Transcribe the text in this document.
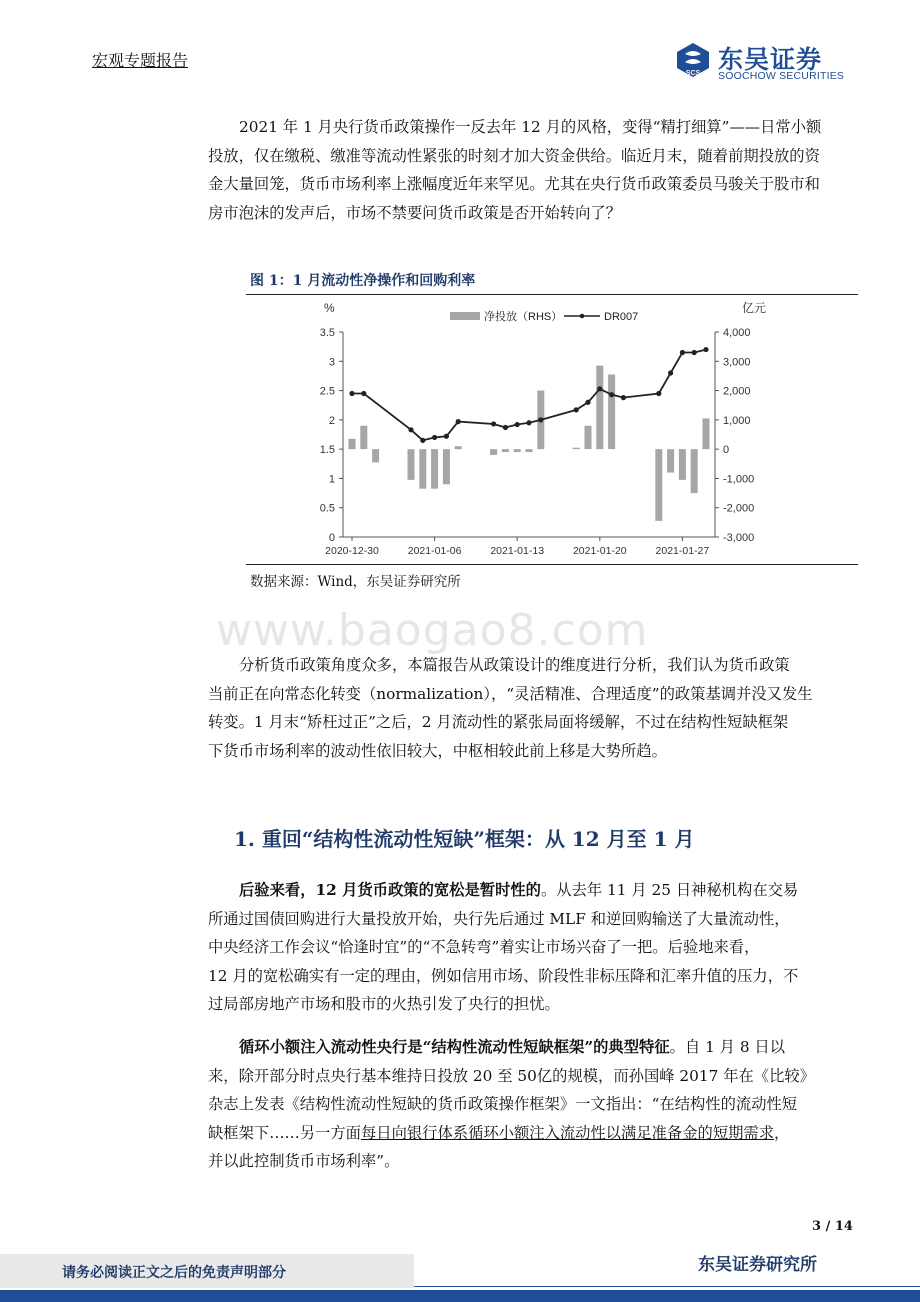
宏观专题报告
SCS 东吴证券
SOOCHOW SECURITIES
2021 年 1 月央行货币政策操作一反去年 12 月的风格，变得“精打细算”——日常小额
投放，仅在缴税、缴准等流动性紧张的时刻才加大资金供给。临近月末，随着前期投放的资
金大量回笼，货币市场利率上涨幅度近年来罕见。尤其在央行货币政策委员马骏关于股市和
房市泡沫的发声后，市场不禁要问货币政策是否开始转向了？
图 1：1 月流动性净操作和回购利率
%	亿元
净投放（RHS）	DR007
0
0.5
1
1.5
2
2.5
3
3.5
-3,000
-2,000
-1,000
0
1,000
2,000
3,000
4,000
2020-12-30	2021-01-06	2021-01-13	2021-01-20	2021-01-27
数据来源：Wind，东吴证券研究所
www.baogao8.com
分析货币政策角度众多，本篇报告从政策设计的维度进行分析，我们认为货币政策
当前正在向常态化转变（normalization），“灵活精准、合理适度”的政策基调并没又发生
转变。1 月末“矫枉过正”之后，2 月流动性的紧张局面将缓解，不过在结构性短缺框架
下货币市场利率的波动性依旧较大，中枢相较此前上移是大势所趋。
1. 重回“结构性流动性短缺”框架：从 12 月至 1 月
后验来看，12 月货币政策的宽松是暂时性的。从去年 11 月 25 日神秘机构在交易
所通过国债回购进行大量投放开始，央行先后通过 MLF 和逆回购输送了大量流动性，
中央经济工作会议“恰逢时宜”的“不急转弯”着实让市场兴奋了一把。后验地来看，
12 月的宽松确实有一定的理由，例如信用市场、阶段性非标压降和汇率升值的压力，不
过局部房地产市场和股市的火热引发了央行的担忧。
循环小额注入流动性央行是“结构性流动性短缺框架”的典型特征。自 1 月 8 日以
来，除开部分时点央行基本维持日投放 20 至 50亿的规模，而孙国峰 2017 年在《比较》
杂志上发表《结构性流动性短缺的货币政策操作框架》一文指出：“在结构性的流动性短
缺框架下……另一方面每日向银行体系循环小额注入流动性以满足准备金的短期需求，
并以此控制货币市场利率”。
3 / 14
请务必阅读正文之后的免责声明部分	东吴证券研究所
